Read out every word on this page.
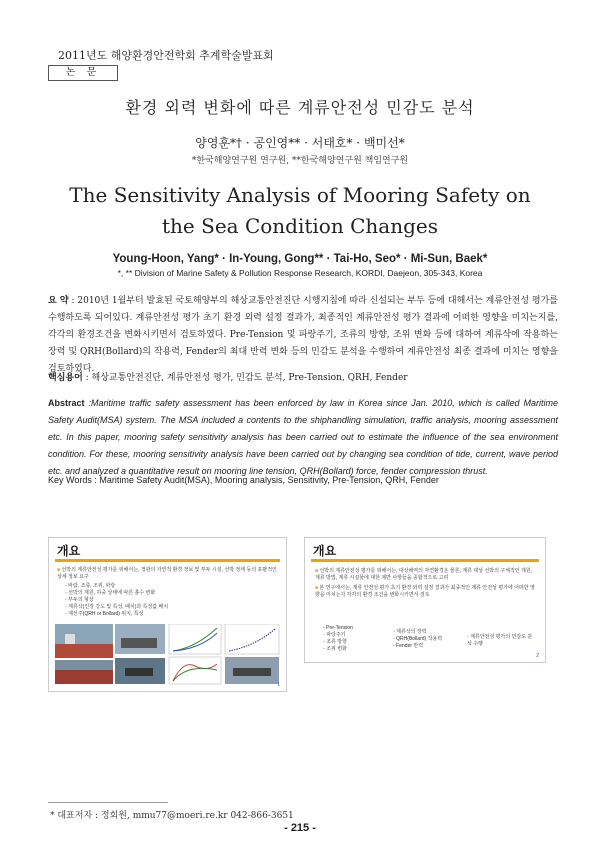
2011년도 해양환경안전학회 추계학술발표회
논 문
환경 외력 변화에 따른 계류안전성 민감도 분석
양영훈*† · 공인영** · 서태호* · 백미선*
*한국해양연구원 연구원, **한국해양연구원 책임연구원
The Sensitivity Analysis of Mooring Safety on the Sea Condition Changes
Young-Hoon, Yang* · In-Young, Gong** · Tai-Ho, Seo* · Mi-Sun, Baek*
*, ** Division of Marine Safety & Pollution Response Research, KORDI, Daejeon, 305-343, Korea
요 약 : 2010년 1월부터 발효된 국토해양부의 해상교통안전진단 시행지침에 따라 신설되는 부두 등에 대해서는 계류안전성 평가를 수행하도록 되어있다. 계류안전성 평가 초기 환경 외력 설정 결과가, 최종적인 계류안전성 평가 결과에 어떠한 영향을 미치는지를, 각각의 환경조건을 변화시키면서 검토하였다. Pre-Tension 및 파랑주기, 조류의 방향, 조위 변화 등에 대하여 계류삭에 작용하는 장력 및 QRH(Bollard)의 작용력, Fender의 최대 반력 변화 등의 민감도 분석을 수행하여 계류안전성 최종 결과에 미치는 영향을 검토하였다.
핵심용어 : 해상교통안전진단, 계류안전성 평가, 민감도 분석, Pre-Tension, QRH, Fender
Abstract :Maritime traffic safety assessment has been enforced by law in Korea since Jan. 2010, which is called Maritime Safety Audit(MSA) system. The MSA included a contents to the shiphandling simulation, traffic analysis, mooring assessment etc. In this paper, mooring safety sensitivity analysis has been carried out to estimate the influence of the sea environment condition. For these, mooring sensitivity analysis have been carried out by changing sea condition of tide, current, wave period etc. and analyzed a quantitative result on mooring line tension, QRH(Bollard) force, fender compression thrust.
Key Words : Maritime Safety Audit(MSA), Mooring analysis, Sensitivity, Pre-Tension, QRH, Fender
개요
■ 선박의 계류안전성 평가를 위해서는, 정관의 자연적 환경 정보 및 부두 시설, 선박 정태 등의 포괄적인 상세 정보 요구
◦ 바람, 조류, 조위, 파랑
◦ 선박의 제원, 하중 상태에 따른 흘수 변화
◦ 부두의 형상
◦ 계류삭(인장 강도 및 특성, 배치)과 특성값 배치
◦ 계선주(QRH or Bollard) 위치, 특성
1
개요
■ 선박의 계류안전성 평가를 위해서는, 대상해역의 자연환경은 물론, 계류 대상 선박의 구체적인 제원, 계류 방법, 계류 시설물에 대한 제반 사항들을 종합적으로 고려
■ 본 연구에서는, 계류 안전성 평가 초기 환경 외력 설정 결과가 최종적인 계류 안전성 평가에 어떠한 영향을 미치는지 각각의 환경 조건을 변화시키면서 검토
◦ Pre-Tension
◦ 파랑주기
◦ 조류 방향
◦ 조위 변화
◦ 계류삭의 장력
◦ QRH(Bollard) 작용력
◦ Fender 반력
◦ 계류안전성 평가의 민감도 분석 수행
2
* 대표저자 : 정회원, mmu77@moeri.re.kr 042-866-3651
- 215 -
